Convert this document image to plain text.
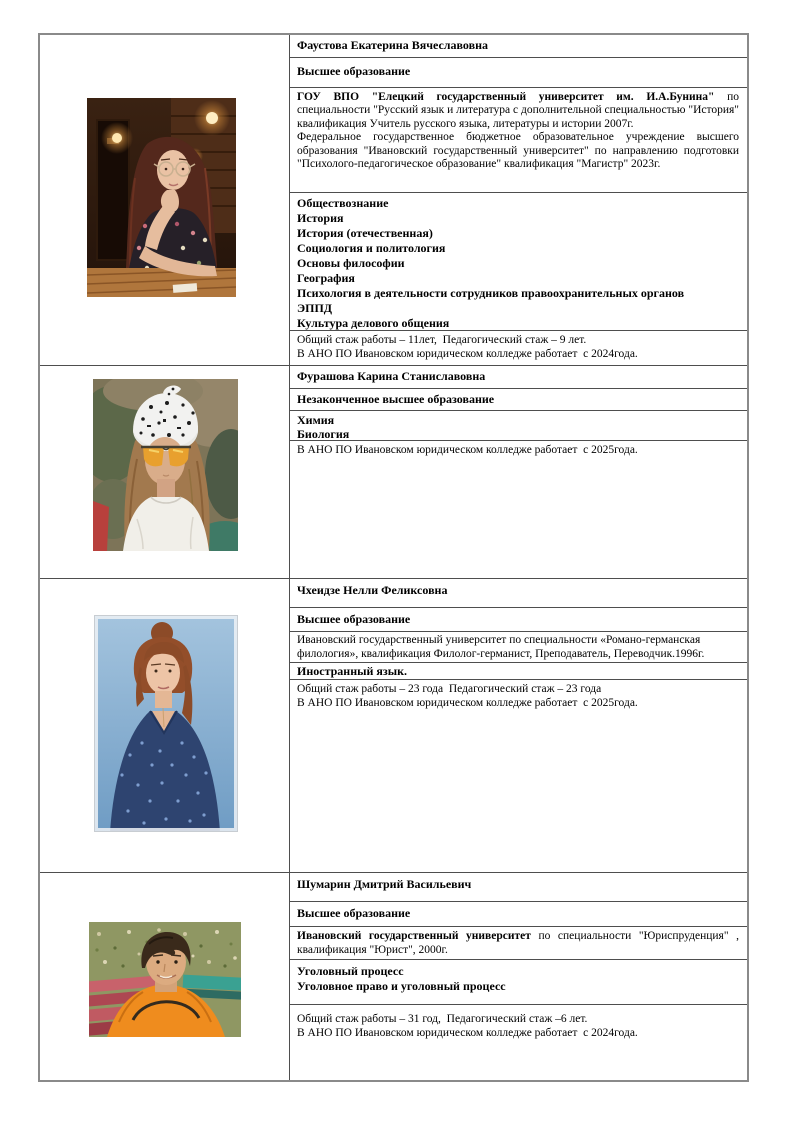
Фаустова Екатерина Вячеславовна
Высшее образование
ГОУ ВПО "Елецкий государственный университет им. И.А.Бунина" по специальности "Русский язык и литература с дополнительной специальностью "История" квалификация Учитель русского языка, литературы и истории 2007г.
Федеральное государственное бюджетное образовательное учреждение высшего образования "Ивановский государственный университет" по направлению подготовки "Психолого-педагогическое образование" квалификация "Магистр" 2023г.
Обществознание
История
История (отечественная)
Социология и политология
Основы философии
География
Психология в деятельности сотрудников правоохранительных органов
ЭППД
Культура делового общения
Общий стаж работы – 11лет,  Педагогический стаж – 9 лет.
В АНО ПО Ивановском юридическом колледже работает  с 2024года.
Фурашова Карина Станиславовна
Незаконченное высшее образование
Химия
Биология
В АНО ПО Ивановском юридическом колледже работает  с 2025года.
Чхеидзе Нелли Феликсовна
Высшее образование
Ивановский государственный университет по специальности «Романо-германская филология», квалификация Филолог-германист, Преподаватель, Переводчик.1996г.
Иностранный язык.
Общий стаж работы – 23 года  Педагогический стаж – 23 года
В АНО ПО Ивановском юридическом колледже работает  с 2025года.
Шумарин Дмитрий Васильевич
Высшее образование
Ивановский государственный университет по специальности "Юриспруденция" , квалификация "Юрист", 2000г.
Уголовный процесс
Уголовное право и уголовный процесс
Общий стаж работы – 31 год,  Педагогический стаж –6 лет.
В АНО ПО Ивановском юридическом колледже работает  с 2024года.
